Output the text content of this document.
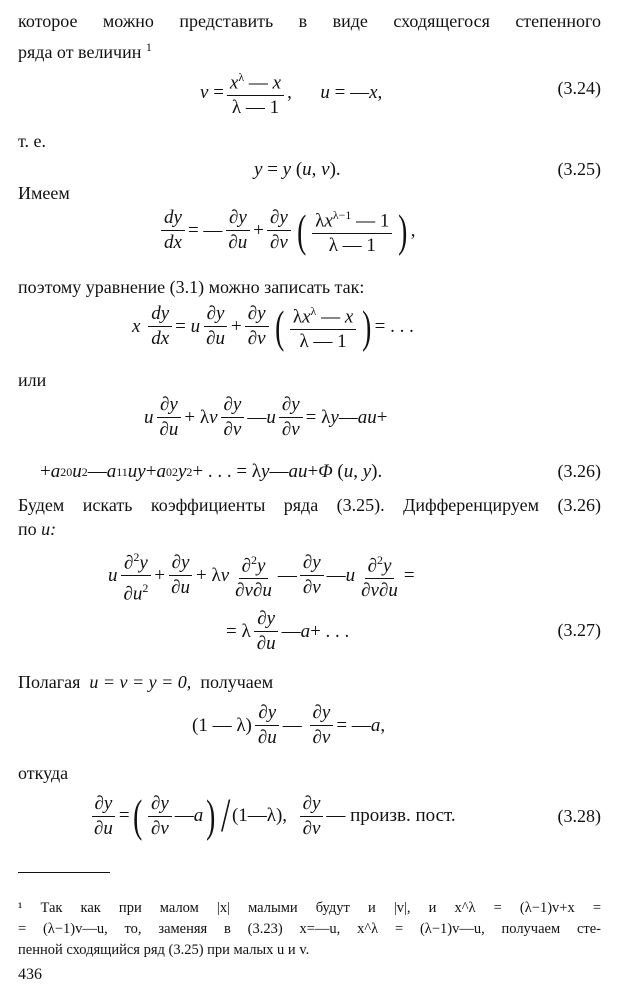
которое можно представить в виде сходящегося степенного
ряда от величин $^1$
$v = \frac{x^\lambda — x}{\lambda — 1}$ , u = — x ,	(3.24)
т. е.
y = y ( u , v ).	(3.25)
Имеем
$\frac{dy}{dx}$ = — $\frac{\partial y}{\partial u} + \frac{\partial y}{\partial v}$ ( $\frac{\lambda x^{\lambda-1} — 1}{\lambda — 1}$ ) ,
поэтому уравнение (3.1) можно записать так:
x
$\frac{dy}{dx} = u \frac{\partial y}{\partial u} + \frac{\partial y}{\partial v}$ ( $\frac{\lambda x^\lambda — x}{\lambda — 1}$ ) = . . .
или
u $\frac{\partial y}{\partial u} + \lambda$ v $\frac{\partial y}{\partial v}$ — u $\frac{\partial y}{\partial v} = \lambda$ y — au +
+ a 20 u 2 — a 11 uy + a 02 y 2 + . . . = λ y — au + Φ ( u , y ).	(3.26)
Будем искать коэффициенты ряда (3.25). Дифференцируем (3.26)
по u:
u $\frac{\partial^2y}{\partial u^2} + \frac{\partial y}{\partial u} + \lambda$ v $\frac{\partial^2y}{\partial v\partial u}$ — $\frac{\partial y}{\partial v}$ — u $\frac{\partial^2y}{\partial v\partial u}$ =
= λ $\frac{\partial y}{\partial u}$ — a + . . .	(3.27)
Полагая u = v = y = 0, получаем
(1 — $\lambda) \frac{\partial y}{\partial u}$ — $\frac{\partial y}{\partial v}$ = — a ,
откуда
$\frac{\partial y}{\partial u}$ = ( $\frac{\partial y}{\partial v}$ — a ) / (1—λ), $\frac{\partial y}{\partial v}$ — произв. пост.	(3.28)
¹ Так как при малом |x| малыми будут и |v|, и x^λ = (λ−1)v+x =
= (λ−1)v—u, то, заменяя в (3.23) x=—u, x^λ = (λ−1)v—u, получаем сте-
пенной сходящийся ряд (3.25) при малых u и v.
436
